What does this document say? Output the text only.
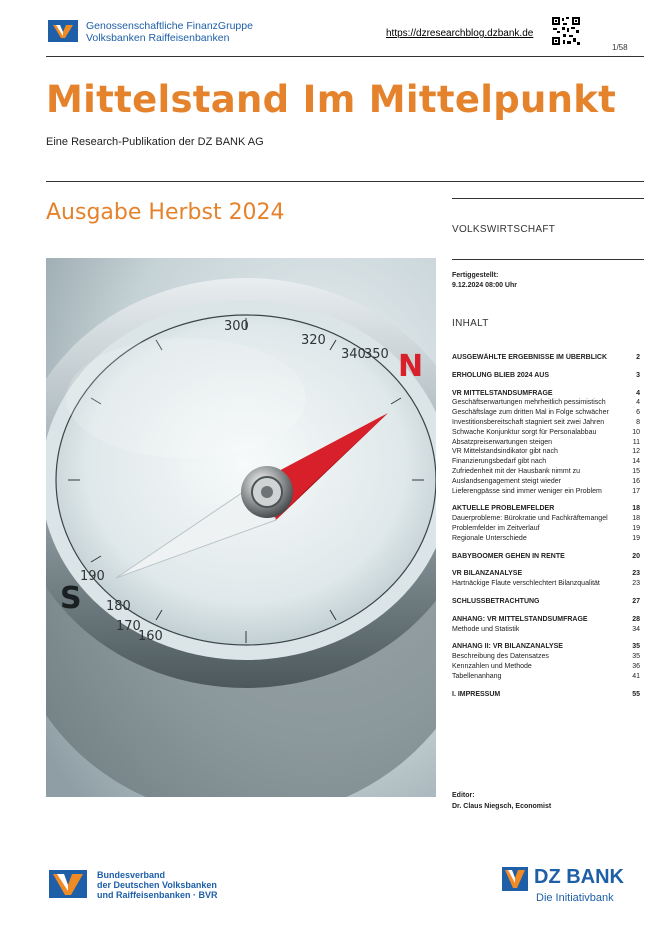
Genossenschaftliche FinanzGruppe
Volksbanken Raiffeisenbanken	https://dzresearchblog.dzbank.de
1/58
Mittelstand Im Mittelpunkt
Eine Research-Publikation der DZ BANK AG
Ausgabe Herbst 2024
VOLKSWIRTSCHAFT
Fertiggestellt:
9.12.2024 08:00 Uhr
INHALT
AUSGEWÄHLTE ERGEBNISSE IM ÜBERBLICK	2
ERHOLUNG BLIEB 2024 AUS	3
VR MITTELSTANDSUMFRAGE	4
Geschäftserwartungen mehrheitlich pessimistisch	4
Geschäftslage zum dritten Mal in Folge schwächer	6
Investitionsbereitschaft stagniert seit zwei Jahren	8
Schwache Konjunktur sorgt für Personalabbau	10
Absatzpreiserwartungen steigen	11
VR Mittelstandsindikator gibt nach	12
Finanzierungsbedarf gibt nach	14
Zufriedenheit mit der Hausbank nimmt zu	15
Auslandsengagement steigt wieder	16
Lieferengpässe sind immer weniger ein Problem	17
AKTUELLE PROBLEMFELDER	18
Dauerprobleme: Bürokratie und Fachkräftemangel	18
Problemfelder im Zeitverlauf	19
Regionale Unterschiede	19
BABYBOOMER GEHEN IN RENTE	20
VR BILANZANALYSE	23
Hartnäckige Flaute verschlechtert Bilanzqualität	23
SCHLUSSBETRACHTUNG	27
ANHANG: VR MITTELSTANDSUMFRAGE	28
Methode und Statistik	34
ANHANG II: VR BILANZANALYSE	35
Beschreibung des Datensatzes	35
Kennzahlen und Methode	36
Tabellenanhang	41
I. IMPRESSUM	55
Editor:
Dr. Claus Niegsch, Economist
320
340
350
300
190
180
170
160
N
S
Bundesverband
der Deutschen Volksbanken
und Raiffeisenbanken · BVR
DZ BANK
Die Initiativbank
